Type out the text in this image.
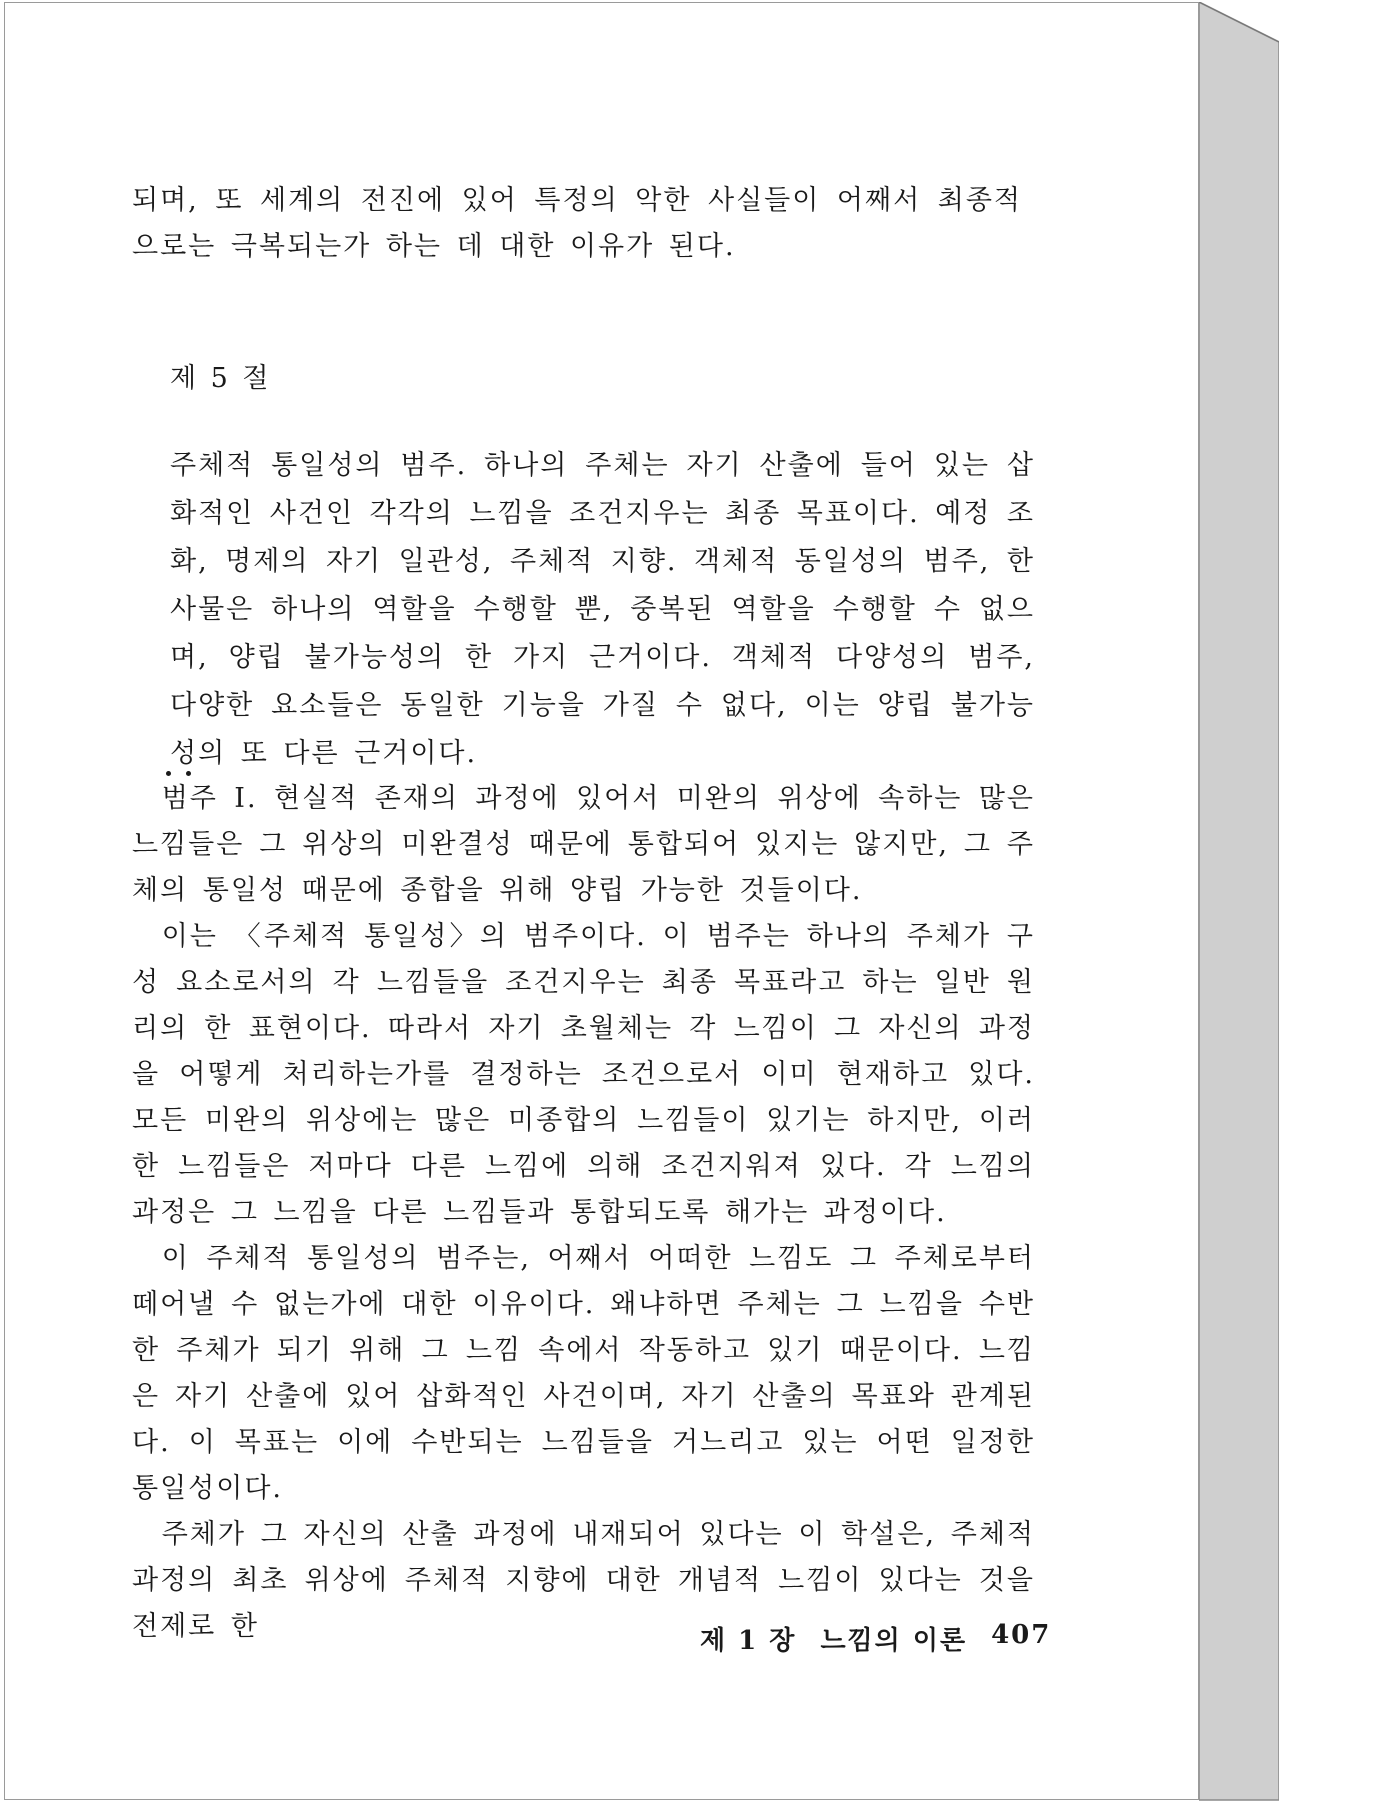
되며, 또 세계의 전진에 있어 특정의 악한 사실들이 어째서 최종적으로는 극복되는가 하는 데 대한 이유가 된다.

제 5 절

주체적 통일성의 범주. 하나의 주체는 자기 산출에 들어 있는 삽화적인 사건인 각각의 느낌을 조건지우는 최종 목표이다. 예정 조화, 명제의 자기 일관성, 주체적 지향. 객체적 동일성의 범주, 한 사물은 하나의 역할을 수행할 뿐, 중복된 역할을 수행할 수 없으며, 양립 불가능성의 한 가지 근거이다. 객체적 다양성의 범주, 다양한 요소들은 동일한 기능을 가질 수 없다, 이는 양립 불가능성의 또 다른 근거이다.

범주 I. 현실적 존재의 과정에 있어서 미완의 위상에 속하는 많은 느낌들은 그 위상의 미완결성 때문에 통합되어 있지는 않지만, 그 주체의 통일성 때문에 종합을 위해 양립 가능한 것들이다.

이는 〈주체적 통일성〉의 범주이다. 이 범주는 하나의 주체가 구성 요소로서의 각 느낌들을 조건지우는 최종 목표라고 하는 일반 원리의 한 표현이다. 따라서 자기 초월체는 각 느낌이 그 자신의 과정을 어떻게 처리하는가를 결정하는 조건으로서 이미 현재하고 있다. 모든 미완의 위상에는 많은 미종합의 느낌들이 있기는 하지만, 이러한 느낌들은 저마다 다른 느낌에 의해 조건지워져 있다. 각 느낌의 과정은 그 느낌을 다른 느낌들과 통합되도록 해가는 과정이다.

이 주체적 통일성의 범주는, 어째서 어떠한 느낌도 그 주체로부터 떼어낼 수 없는가에 대한 이유이다. 왜냐하면 주체는 그 느낌을 수반한 주체가 되기 위해 그 느낌 속에서 작동하고 있기 때문이다. 느낌은 자기 산출에 있어 삽화적인 사건이며, 자기 산출의 목표와 관계된다. 이 목표는 이에 수반되는 느낌들을 거느리고 있는 어떤 일정한 통일성이다.

주체가 그 자신의 산출 과정에 내재되어 있다는 이 학설은, 주체적 과정의 최초 위상에 주체적 지향에 대한 개념적 느낌이 있다는 것을 전제로 한	제 1 장 느낌의 이론 407
